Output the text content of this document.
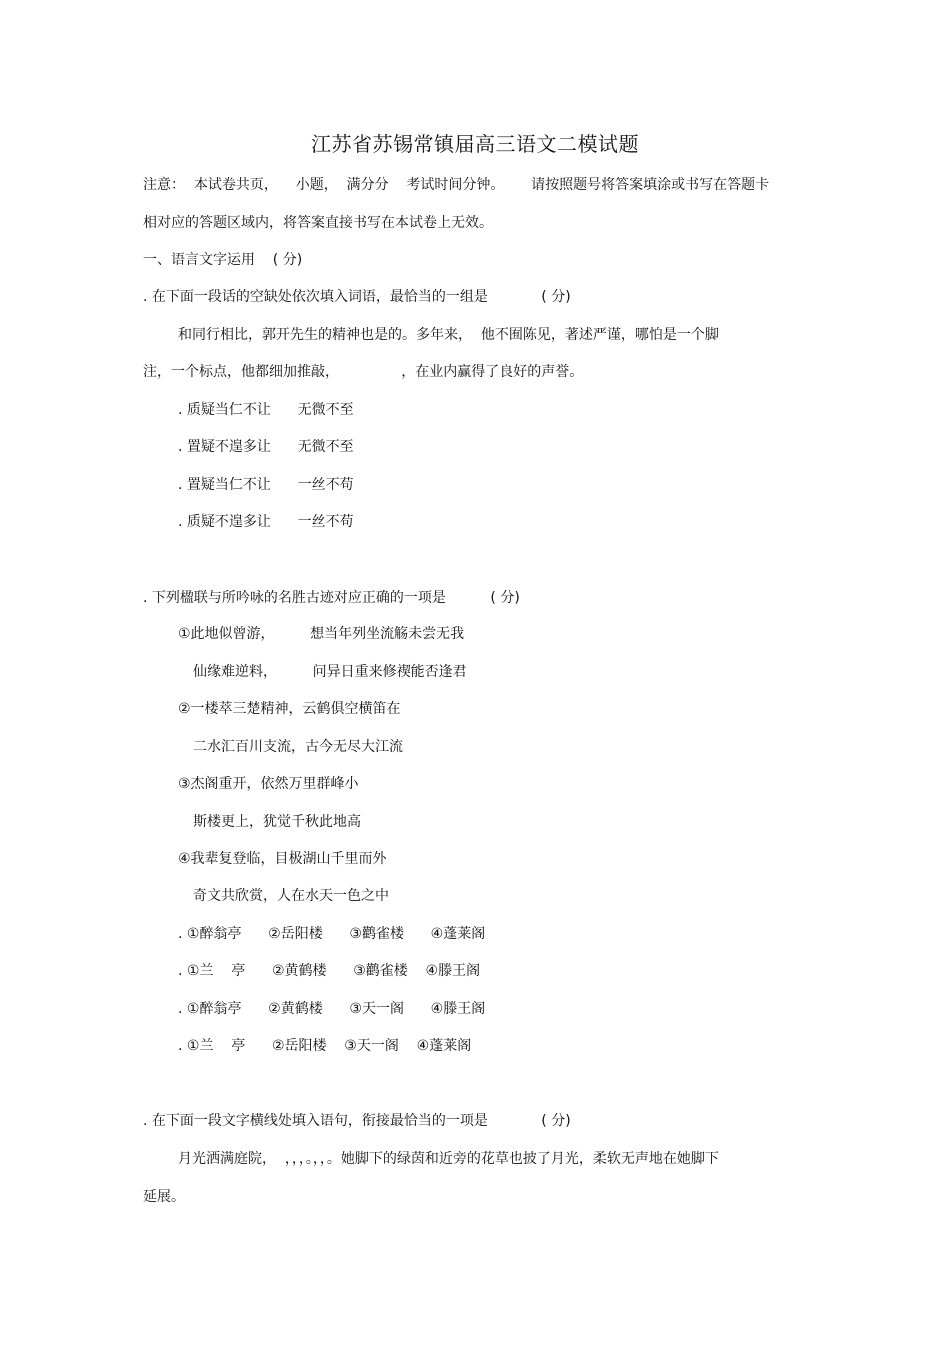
江苏省苏锡常镇届高三语文二模试题
注意：  本试卷共页，    小题，  满分分    考试时间分钟。      请按照题号将答案填涂或书写在答题卡
相对应的答题区域内，将答案直接书写在本试卷上无效。
一、语言文字运用    ( 分)
. 在下面一段话的空缺处依次填入词语，最恰当的一组是            ( 分)
和同行相比，郭开先生的精神也是的。多年来，  他不囿陈见，著述严谨，哪怕是一个脚
注，一个标点，他都细加推敲，              ，在业内赢得了良好的声誉。
. 质疑当仁不让      无微不至
. 置疑不遑多让      无微不至
. 置疑当仁不让      一丝不苟
. 质疑不遑多让      一丝不苟
. 下列楹联与所吟咏的名胜古迹对应正确的一项是          ( 分)
①此地似曾游，        想当年列坐流觞未尝无我
仙缘难逆料，        问异日重来修禊能否逢君
②一楼萃三楚精神，云鹤俱空横笛在
二水汇百川支流，古今无尽大江流
③杰阁重开，依然万里群峰小
斯楼更上，犹觉千秋此地高
④我辈复登临，目极湖山千里而外
奇文共欣赏，人在水天一色之中
. ①醉翁亭      ②岳阳楼      ③鹳雀楼      ④蓬莱阁
. ①兰    亭      ②黄鹤楼      ③鹳雀楼    ④滕王阁
. ①醉翁亭      ②黄鹤楼      ③天一阁      ④滕王阁
. ①兰    亭      ②岳阳楼    ③天一阁    ④蓬莱阁
. 在下面一段文字横线处填入语句，衔接最恰当的一项是            ( 分)
月光洒满庭院，  ，，，。，，。她脚下的绿茵和近旁的花草也披了月光，柔软无声地在她脚下
延展。
